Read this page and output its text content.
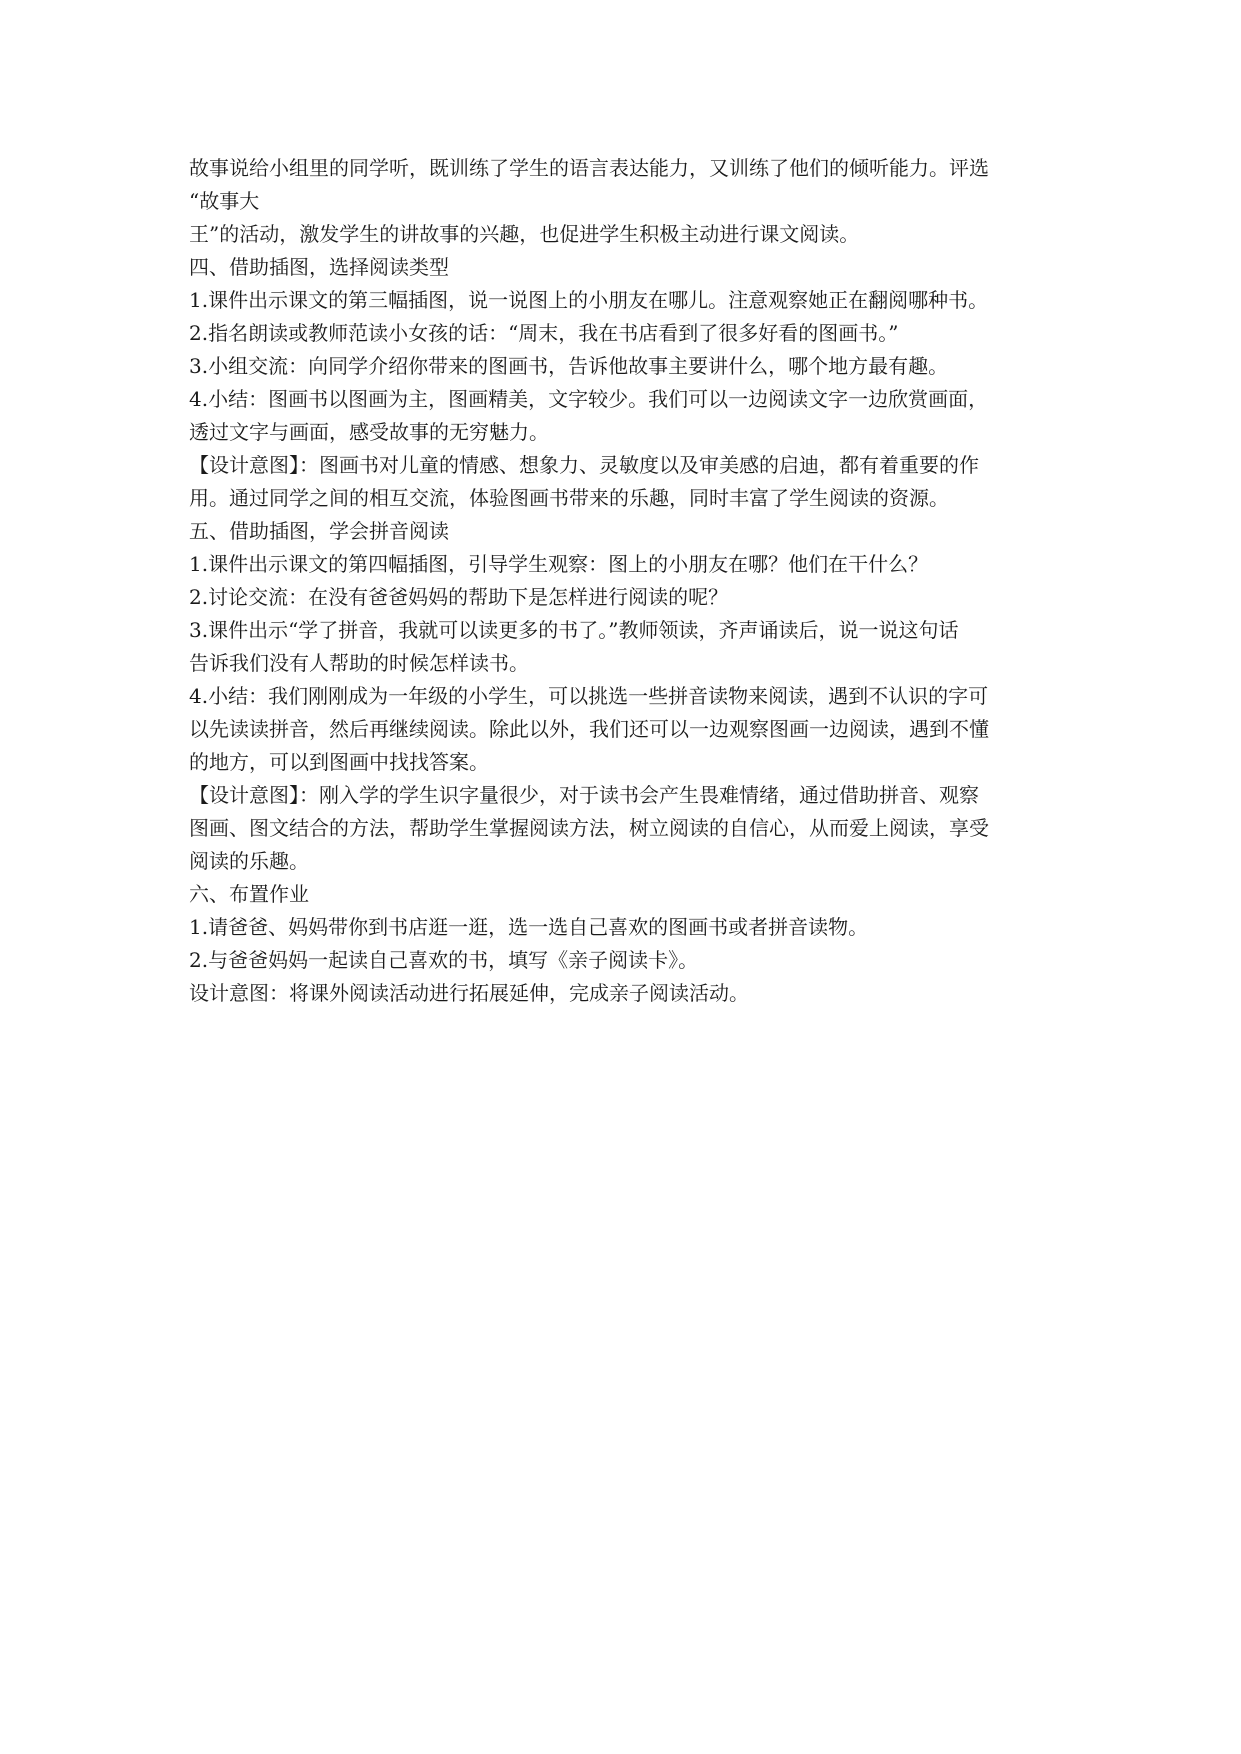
故事说给小组里的同学听，既训练了学生的语言表达能力，又训练了他们的倾听能力。评选
“故事大
王”的活动，激发学生的讲故事的兴趣，也促进学生积极主动进行课文阅读。
四、借助插图，选择阅读类型
1.课件出示课文的第三幅插图，说一说图上的小朋友在哪儿。注意观察她正在翻阅哪种书。
2.指名朗读或教师范读小女孩的话：“周末，我在书店看到了很多好看的图画书。”
3.小组交流：向同学介绍你带来的图画书，告诉他故事主要讲什么，哪个地方最有趣。
4.小结：图画书以图画为主，图画精美，文字较少。我们可以一边阅读文字一边欣赏画面，
透过文字与画面，感受故事的无穷魅力。
【设计意图】：图画书对儿童的情感、想象力、灵敏度以及审美感的启迪，都有着重要的作
用。通过同学之间的相互交流，体验图画书带来的乐趣，同时丰富了学生阅读的资源。
五、借助插图，学会拼音阅读
1.课件出示课文的第四幅插图，引导学生观察：图上的小朋友在哪？他们在干什么？
2.讨论交流：在没有爸爸妈妈的帮助下是怎样进行阅读的呢？
3.课件出示“学了拼音，我就可以读更多的书了。”教师领读，齐声诵读后，说一说这句话
告诉我们没有人帮助的时候怎样读书。
4.小结：我们刚刚成为一年级的小学生，可以挑选一些拼音读物来阅读，遇到不认识的字可
以先读读拼音，然后再继续阅读。除此以外，我们还可以一边观察图画一边阅读，遇到不懂
的地方，可以到图画中找找答案。
【设计意图】：刚入学的学生识字量很少，对于读书会产生畏难情绪，通过借助拼音、观察
图画、图文结合的方法，帮助学生掌握阅读方法，树立阅读的自信心，从而爱上阅读，享受
阅读的乐趣。
六、布置作业
1.请爸爸、妈妈带你到书店逛一逛，选一选自己喜欢的图画书或者拼音读物。
2.与爸爸妈妈一起读自己喜欢的书，填写《亲子阅读卡》。
设计意图：将课外阅读活动进行拓展延伸，完成亲子阅读活动。
